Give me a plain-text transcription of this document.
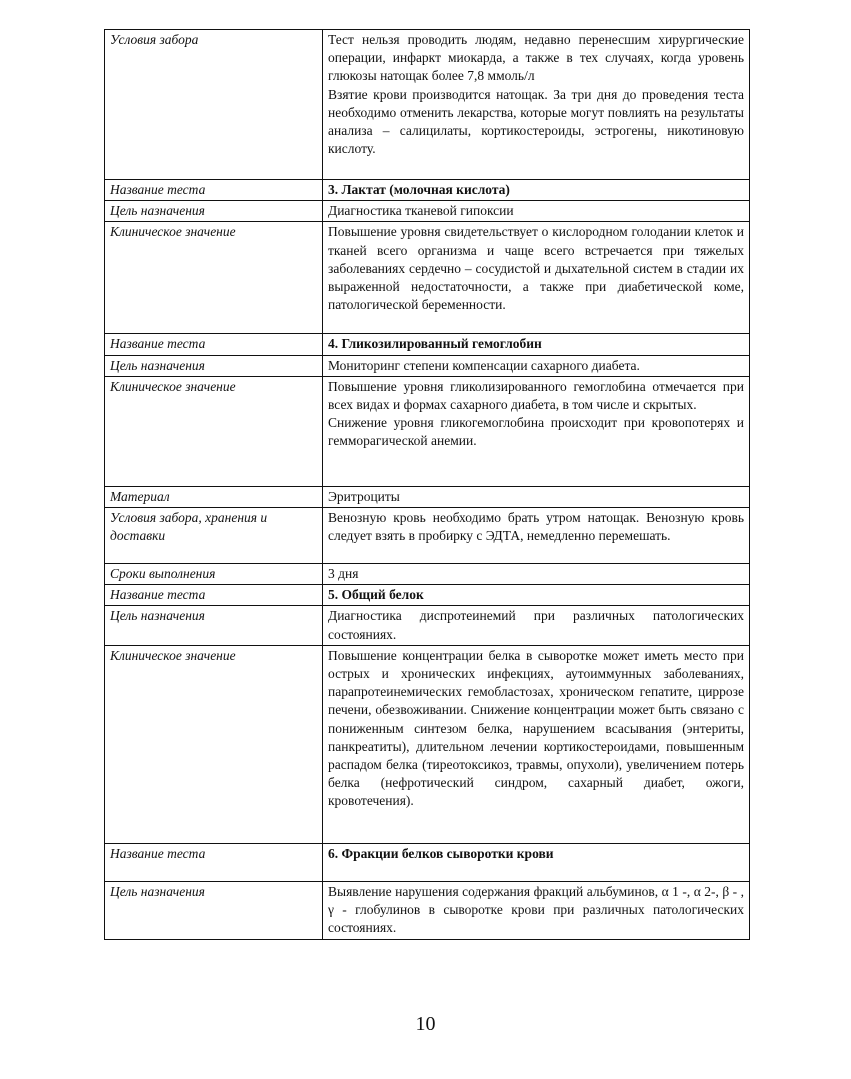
Условия забора	Тест нельзя проводить людям, недавно перенесшим хирургические операции, инфаркт миокарда, а также в тех случаях, когда уровень глюкозы натощак более 7,8 ммоль/л
Взятие крови производится натощак. За три дня до проведения теста необходимо отменить лекарства, которые могут повлиять на результаты анализа – салицилаты, кортикостероиды, эстрогены, никотиновую кислоту.

Название теста	3. Лактат (молочная кислота)
Цель назначения	Диагностика тканевой гипоксии
Клиническое значение	Повышение уровня свидетельствует о кислородном голодании клеток и тканей всего организма и чаще всего встречается при тяжелых заболеваниях сердечно – сосудистой и дыхательной систем в стадии их выраженной недостаточности, а также при диабетической коме, патологической беременности.
Название теста	4. Гликозилированный гемоглобин
Цель назначения	Мониторинг степени компенсации сахарного диабета.
Клиническое значение	Повышение уровня гликолизированного гемоглобина отмечается при всех видах и формах сахарного диабета, в том числе и скрытых.
Снижение уровня гликогемоглобина происходит при кровопотерях и гемморагической анемии.

Материал	Эритроциты
Условия забора, хранения и доставки	Венозную кровь необходимо брать утром натощак. Венозную кровь следует взять в пробирку с ЭДТА, немедленно перемешать.
Сроки выполнения	3 дня
Название теста	5. Общий белок
Цель назначения	Диагностика диспротеинемий при различных патологических состояниях.
Клиническое значение	Повышение концентрации белка в сыворотке может иметь место при острых и хронических инфекциях, аутоиммунных заболеваниях, парапротеинемических гемобластозах, хроническом гепатите, циррозе печени, обезвоживании. Снижение концентрации может быть связано с пониженным синтезом белка, нарушением всасывания (энтериты, панкреатиты), длительном лечении кортикостероидами, повышенным распадом белка (тиреотоксикоз, травмы, опухоли), увеличением потерь белка (нефротический синдром, сахарный диабет, ожоги, кровотечения).
Название теста	6. Фракции белков сыворотки крови
Цель назначения	Выявление нарушения содержания фракций альбуминов, α 1 -, α 2-, β - , γ - глобулинов в сыворотке крови при различных патологических состояниях.
10
